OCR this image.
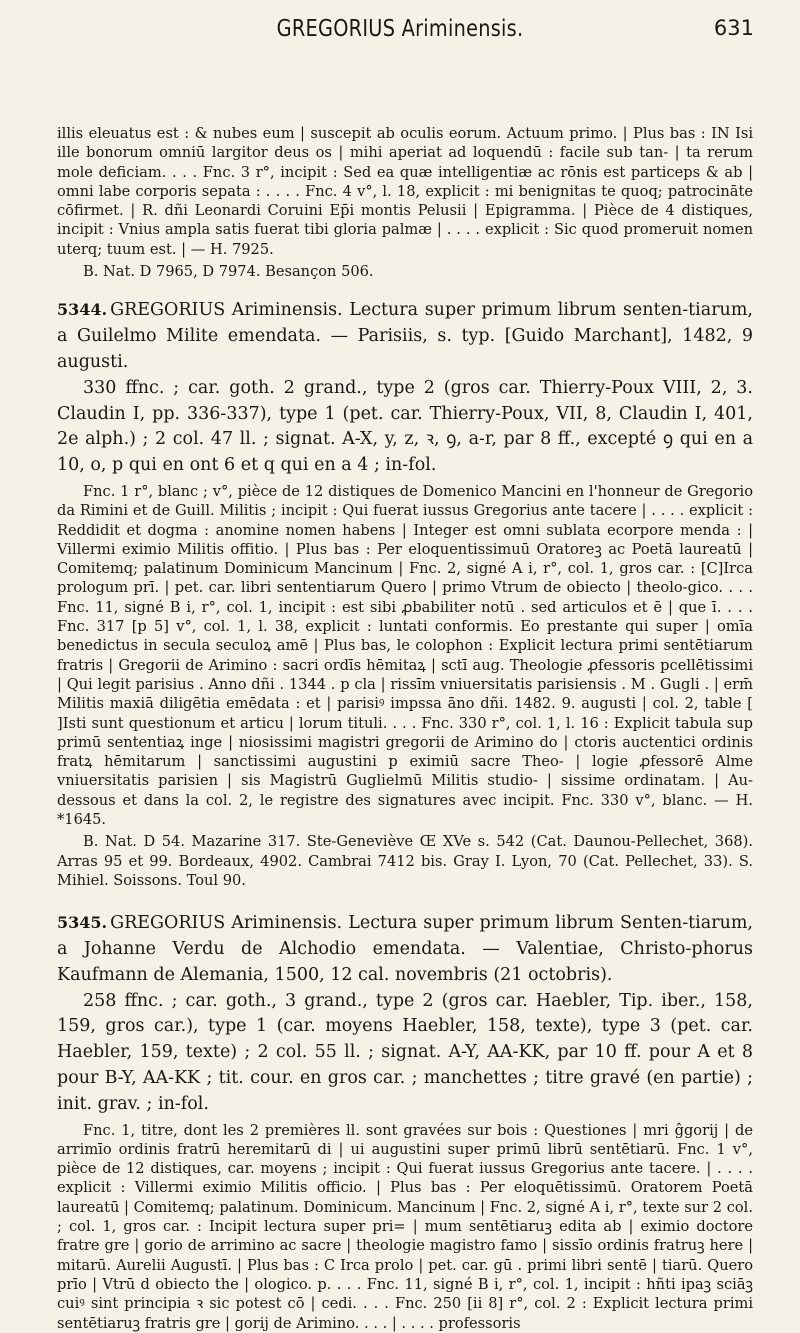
GREGORIUS Ariminensis.	631

illis eleuatus est : & nubes eum | suscepit ab oculis eorum. Actuum primo. | Plus bas : IN Isi ille bonorum omniū largitor deus os | mihi aperiat ad loquendū : facile sub tan- | ta rerum mole deficiam. . . . Fnc. 3 r°, incipit : Sed ea quæ intelligentiæ ac rōnis est particeps & ab | omni labe corporis sepata : . . . . Fnc. 4 v°, l. 18, explicit : mi benignitas te quoq; patrocināte cōfirmet. | R. dñi Leonardi Coruini Ep̄i montis Pelusii | Epigramma. | Pièce de 4 distiques, incipit : Vnius ampla satis fuerat tibi gloria palmæ | . . . . explicit : Sic quod promeruit nomen uterq; tuum est. | — H. 7925.

B. Nat. D 7965, D 7974. Besançon 506.

5344. GREGORIUS Ariminensis. Lectura super primum librum senten-tiarum, a Guilelmo Milite emendata. — Parisiis, s. typ. [Guido Marchant], 1482, 9 augusti.

330 ffnc. ; car. goth. 2 grand., type 2 (gros car. Thierry-Poux VIII, 2, 3. Claudin I, pp. 336-337), type 1 (pet. car. Thierry-Poux, VII, 8, Claudin I, 401, 2e alph.) ; 2 col. 47 ll. ; signat. A-X, y, z, ꝛ, ꝯ, a-r, par 8 ff., excepté ꝯ qui en a 10, o, p qui en ont 6 et q qui en a 4 ; in-fol.

Fnc. 1 r°, blanc ; v°, pièce de 12 distiques de Domenico Mancini en l'honneur de Gregorio da Rimini et de Guill. Militis ; incipit : Qui fuerat iussus Gregorius ante tacere | . . . . explicit : Reddidit et dogma : anomine nomen habens | Integer est omni sublata ecorpore menda : | Villermi eximio Militis offitio. | Plus bas : Per eloquentissimuū Oratoreꝫ ac Poetā laureatū | Comitemq; palatinum Dominicum Mancinum | Fnc. 2, signé A i, r°, col. 1, gros car. : [C]Irca prologum prī. | pet. car. libri sententiarum Quero | primo Vtrum de obiecto | theolo-gico. . . . Fnc. 11, signé B i, r°, col. 1, incipit : est sibi ꝓbabiliter notū . sed articulos et ē | que ī. . . . Fnc. 317 [p 5] v°, col. 1, l. 38, explicit : luntati conformis. Eo prestante qui super | omīa benedictus in secula seculoꝝ amē | Plus bas, le colophon : Explicit lectura primi sentētiarum fratris | Gregorii de Arimino : sacri ordīs hēmitaꝝ | sctī aug. Theologie ꝓfessoris pcellētissimi | Qui legit parisius . Anno dñi . 1344 . p cla | rissīm vniuersitatis parisiensis . M . Gugli . | erm̄ Militis maxiā diligētia emēdata : et | parisiꝰ impssa āno dñi. 1482. 9. augusti | col. 2, table [ ]Isti sunt questionum et articu | lorum tituli. . . . Fnc. 330 r°, col. 1, l. 16 : Explicit tabula sup primū sententiaꝝ inge | niosissimi magistri gregorii de Arimino do | ctoris auctentici ordinis fratꝝ hēmitarum | sanctissimi augustini p eximiū sacre Theo- | logie ꝓfessorē Alme vniuersitatis parisien | sis Magistrū Guglielmū Militis studio- | sissime ordinatam. | Au-dessous et dans la col. 2, le registre des signatures avec incipit. Fnc. 330 v°, blanc. — H. *1645.

B. Nat. D 54. Mazarine 317. Ste-Geneviève Œ XVe s. 542 (Cat. Daunou-Pellechet, 368). Arras 95 et 99. Bordeaux, 4902. Cambrai 7412 bis. Gray I. Lyon, 70 (Cat. Pellechet, 33). S. Mihiel. Soissons. Toul 90.

5345. GREGORIUS Ariminensis. Lectura super primum librum Senten-tiarum, a Johanne Verdu de Alchodio emendata. — Valentiae, Christo-phorus Kaufmann de Alemania, 1500, 12 cal. novembris (21 octobris).

258 ffnc. ; car. goth., 3 grand., type 2 (gros car. Haebler, Tip. iber., 158, 159, gros car.), type 1 (car. moyens Haebler, 158, texte), type 3 (pet. car. Haebler, 159, texte) ; 2 col. 55 ll. ; signat. A-Y, AA-KK, par 10 ff. pour A et 8 pour B-Y, AA-KK ; tit. cour. en gros car. ; manchettes ; titre gravé (en partie) ; init. grav. ; in-fol.

Fnc. 1, titre, dont les 2 premières ll. sont gravées sur bois : Questiones | mri ĝgorij | de arrimīo ordinis fratrū heremitarū di | ui augustini super primū librū sentētiarū. Fnc. 1 v°, pièce de 12 distiques, car. moyens ; incipit : Qui fuerat iussus Gregorius ante tacere. | . . . . explicit : Villermi eximio Militis officio. | Plus bas : Per eloquētissimū. Oratorem Poetā laureatū | Comitemq; palatinum. Dominicum. Mancinum | Fnc. 2, signé A i, r°, texte sur 2 col. ; col. 1, gros car. : Incipit lectura super pri= | mum sentētiaruꝫ edita ab | eximio doctore fratre gre | gorio de arrimino ac sacre | theologie magistro famo | sissīo ordinis fratruꝫ here | mitarū. Aurelii Augustī. | Plus bas : C Irca prolo | pet. car. gū . primi libri sentē | tiarū. Quero prīo | Vtrū d obiecto the | ologico. p. . . . Fnc. 11, signé B i, r°, col. 1, incipit : hñti ipaꝫ sciāꝫ cuiꝰ sint principia ꝛ sic potest cō | cedi. . . . Fnc. 250 [ii 8] r°, col. 2 : Explicit lectura primi sentētiaruꝫ fratris gre | gorij de Arimino. . . . | . . . . professoris
